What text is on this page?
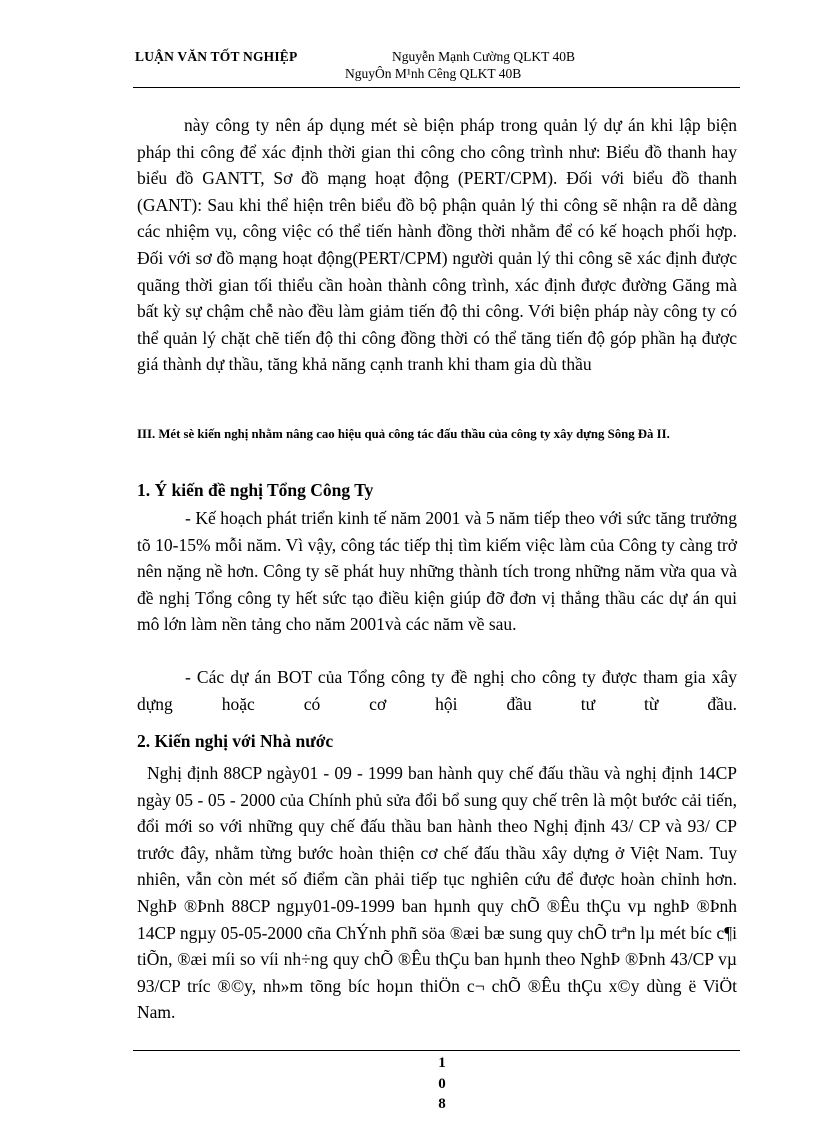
LUẬN VĂN TỐT NGHIỆP	Nguyễn Mạnh Cường QLKT 40B
NguyÔn M¹nh Cêng QLKT 40B
này công ty nên áp dụng mét sè biện pháp trong quản lý dự án khi lập biện pháp thi công để xác định thời gian thi công cho công trình như: Biểu đồ thanh hay biểu đồ GANTT, Sơ đồ mạng hoạt động (PERT/CPM). Đối với biểu đồ thanh (GANT): Sau khi thể hiện trên biểu đồ bộ phận quản lý thi công sẽ nhận ra dễ dàng các nhiệm vụ, công việc có thể tiến hành đồng thời nhằm để có kế hoạch phối hợp. Đối với sơ đồ mạng hoạt động(PERT/CPM) người quản lý thi công sẽ xác định được quãng thời gian tối thiểu cần hoàn thành công trình, xác định được đường Găng mà bất kỳ sự chậm chễ nào đều làm giảm tiến độ thi công. Với biện pháp này công ty có thể quản lý chặt chẽ tiến độ thi công đồng thời có thể tăng tiến độ góp phần hạ được giá thành dự thầu, tăng khả năng cạnh tranh khi tham gia dù thầu
III. Mét sè kiến nghị nhằm nâng cao hiệu quả công tác đấu thầu của công ty xây dựng Sông Đà II.
1. Ý kiến đề nghị Tổng Công Ty
- Kế hoạch phát triển kinh tế năm 2001 và 5 năm tiếp theo với sức tăng trưởng tõ 10-15% mỗi năm. Vì vậy, công tác tiếp thị tìm kiếm việc làm của Công ty càng trở nên nặng nề hơn. Công ty sẽ phát huy những thành tích trong những năm vừa qua và đề nghị Tổng công ty hết sức tạo điều kiện giúp đỡ đơn vị thắng thầu các dự án qui mô lớn làm nền tảng cho năm 2001và các năm về sau.
- Các dự án BOT của Tổng công ty đề nghị cho công ty được tham gia xây dựng hoặc có cơ hội đầu tư từ đầu.
2. Kiến nghị với Nhà nước
Nghị định 88CP ngày01 - 09 - 1999 ban hành quy chế đấu thầu và nghị định 14CP ngày 05 - 05 - 2000 của Chính phủ sửa đổi bổ sung quy chế trên là một bước cải tiến, đổi mới so với những quy chế đấu thầu ban hành theo Nghị định 43/ CP và 93/ CP trước đây, nhằm từng bước hoàn thiện cơ chế đấu thầu xây dựng ở Việt Nam. Tuy nhiên, vẫn còn mét số điểm cần phải tiếp tục nghiên cứu để được hoàn chỉnh hơn. NghÞ ®Þnh 88CP ngµy01-09-1999 ban hµnh quy chÕ ®Êu thÇu vµ nghÞ ®Þnh 14CP ngµy 05-05-2000 cña ChÝnh phñ söa ®æi bæ sung quy chÕ trªn lµ mét bíc c¶i tiÕn, ®æi míi so víi nh÷ng quy chÕ ®Êu thÇu ban hµnh theo NghÞ ®Þnh 43/CP vµ 93/CP tríc ®©y, nh»m tõng bíc hoµn thiÖn c¬ chÕ ®Êu thÇu x©y dùng ë ViÖt Nam.
1
0
8
